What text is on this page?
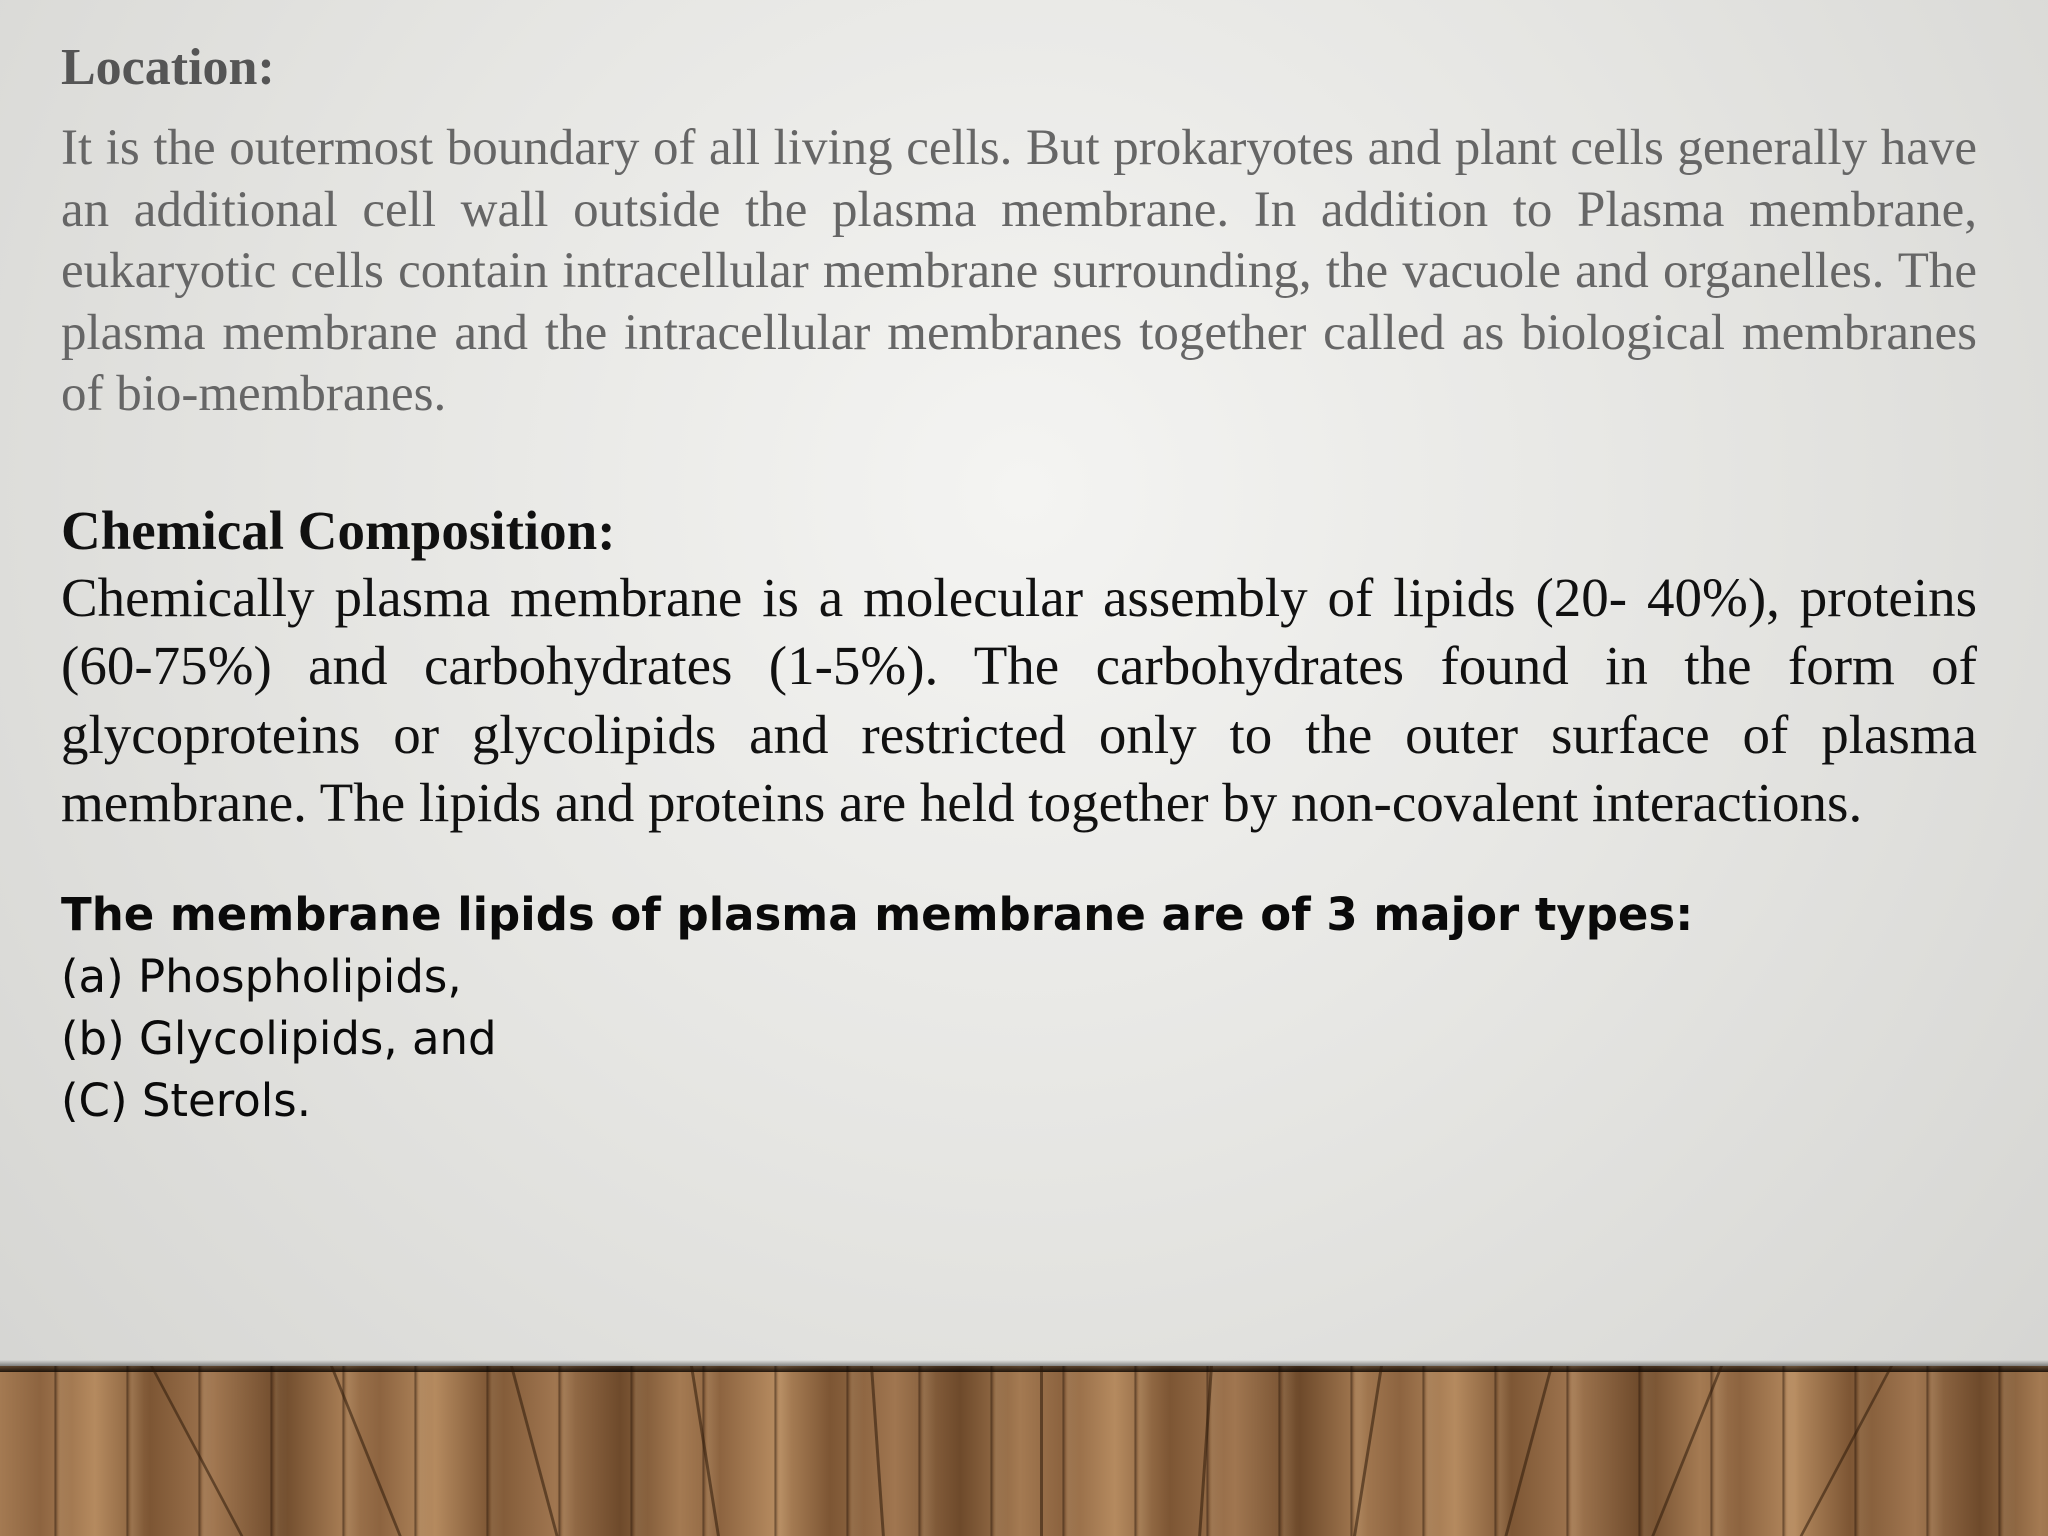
Location:

It is the outermost boundary of all living cells. But prokaryotes and plant cells generally have an additional cell wall outside the plasma membrane. In addition to Plasma membrane, eukaryotic cells contain intracellular membrane surrounding, the vacuole and organelles. The plasma membrane and the intracellular membranes together called as biological membranes of bio-membranes.

Chemical Composition:

Chemically plasma membrane is a molecular assembly of lipids (20- 40%), proteins (60-75%) and carbohydrates (1-5%). The carbohydrates found in the form of glycoproteins or glycolipids and restricted only to the outer surface of plasma membrane. The lipids and proteins are held together by non-covalent interactions.

The membrane lipids of plasma membrane are of 3 major types:
(a) Phospholipids,
(b) Glycolipids, and
(C) Sterols.
